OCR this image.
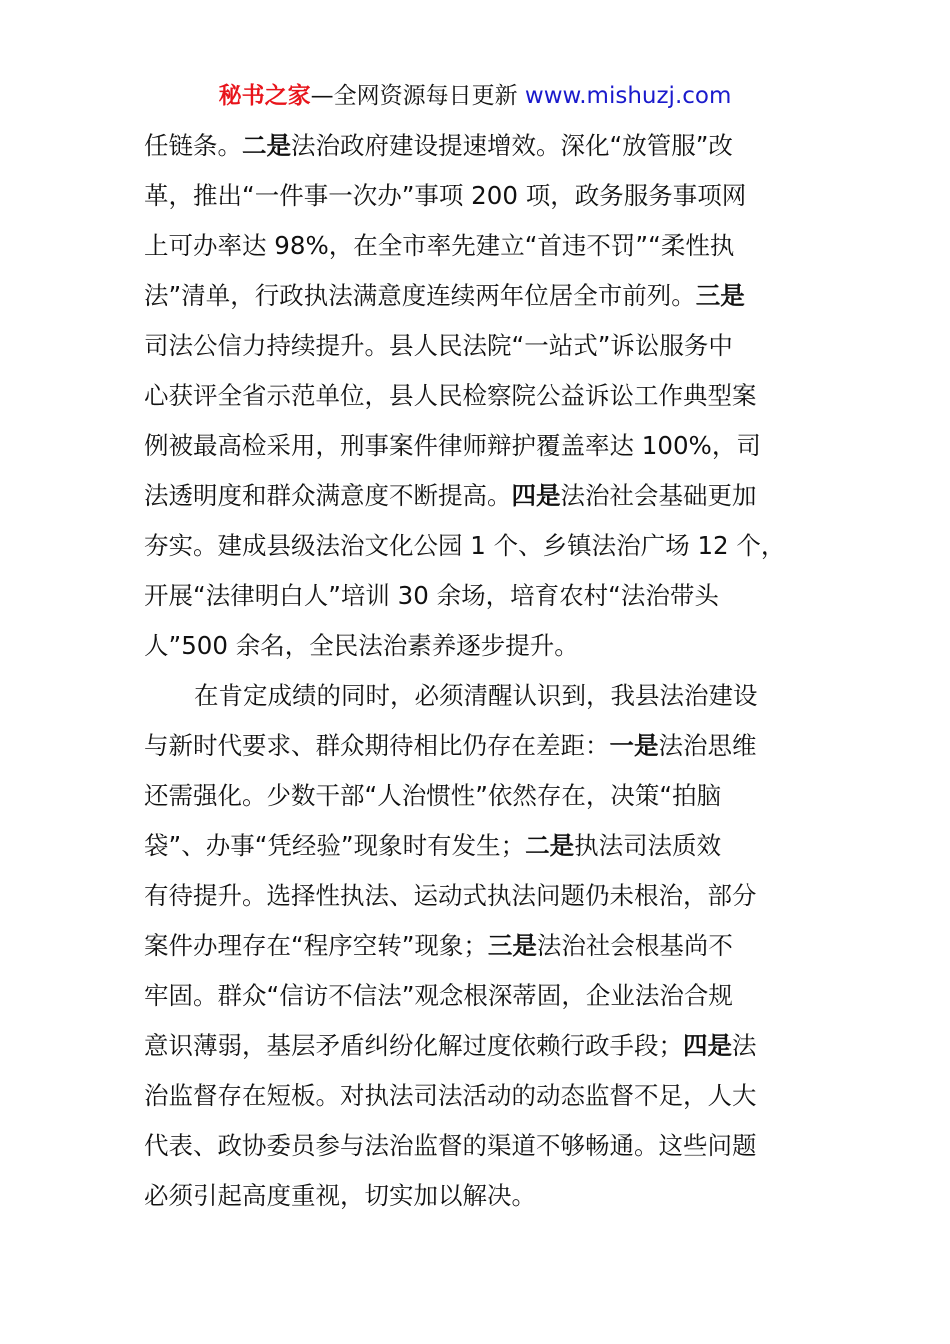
秘书之家—全网资源每日更新 www.mishuzj.com
任链条。二是法治政府建设提速增效。深化“放管服”改
革，推出“一件事一次办”事项 200 项，政务服务事项网
上可办率达 98%，在全市率先建立“首违不罚”“柔性执
法”清单，行政执法满意度连续两年位居全市前列。三是
司法公信力持续提升。县人民法院“一站式”诉讼服务中
心获评全省示范单位，县人民检察院公益诉讼工作典型案
例被最高检采用，刑事案件律师辩护覆盖率达 100%，司
法透明度和群众满意度不断提高。四是法治社会基础更加
夯实。建成县级法治文化公园 1 个、乡镇法治广场 12 个，
开展“法律明白人”培训 30 余场，培育农村“法治带头
人”500 余名，全民法治素养逐步提升。
在肯定成绩的同时，必须清醒认识到，我县法治建设
与新时代要求、群众期待相比仍存在差距：一是法治思维
还需强化。少数干部“人治惯性”依然存在，决策“拍脑
袋”、办事“凭经验”现象时有发生；二是执法司法质效
有待提升。选择性执法、运动式执法问题仍未根治，部分
案件办理存在“程序空转”现象；三是法治社会根基尚不
牢固。群众“信访不信法”观念根深蒂固，企业法治合规
意识薄弱，基层矛盾纠纷化解过度依赖行政手段；四是法
治监督存在短板。对执法司法活动的动态监督不足，人大
代表、政协委员参与法治监督的渠道不够畅通。这些问题
必须引起高度重视，切实加以解决。
